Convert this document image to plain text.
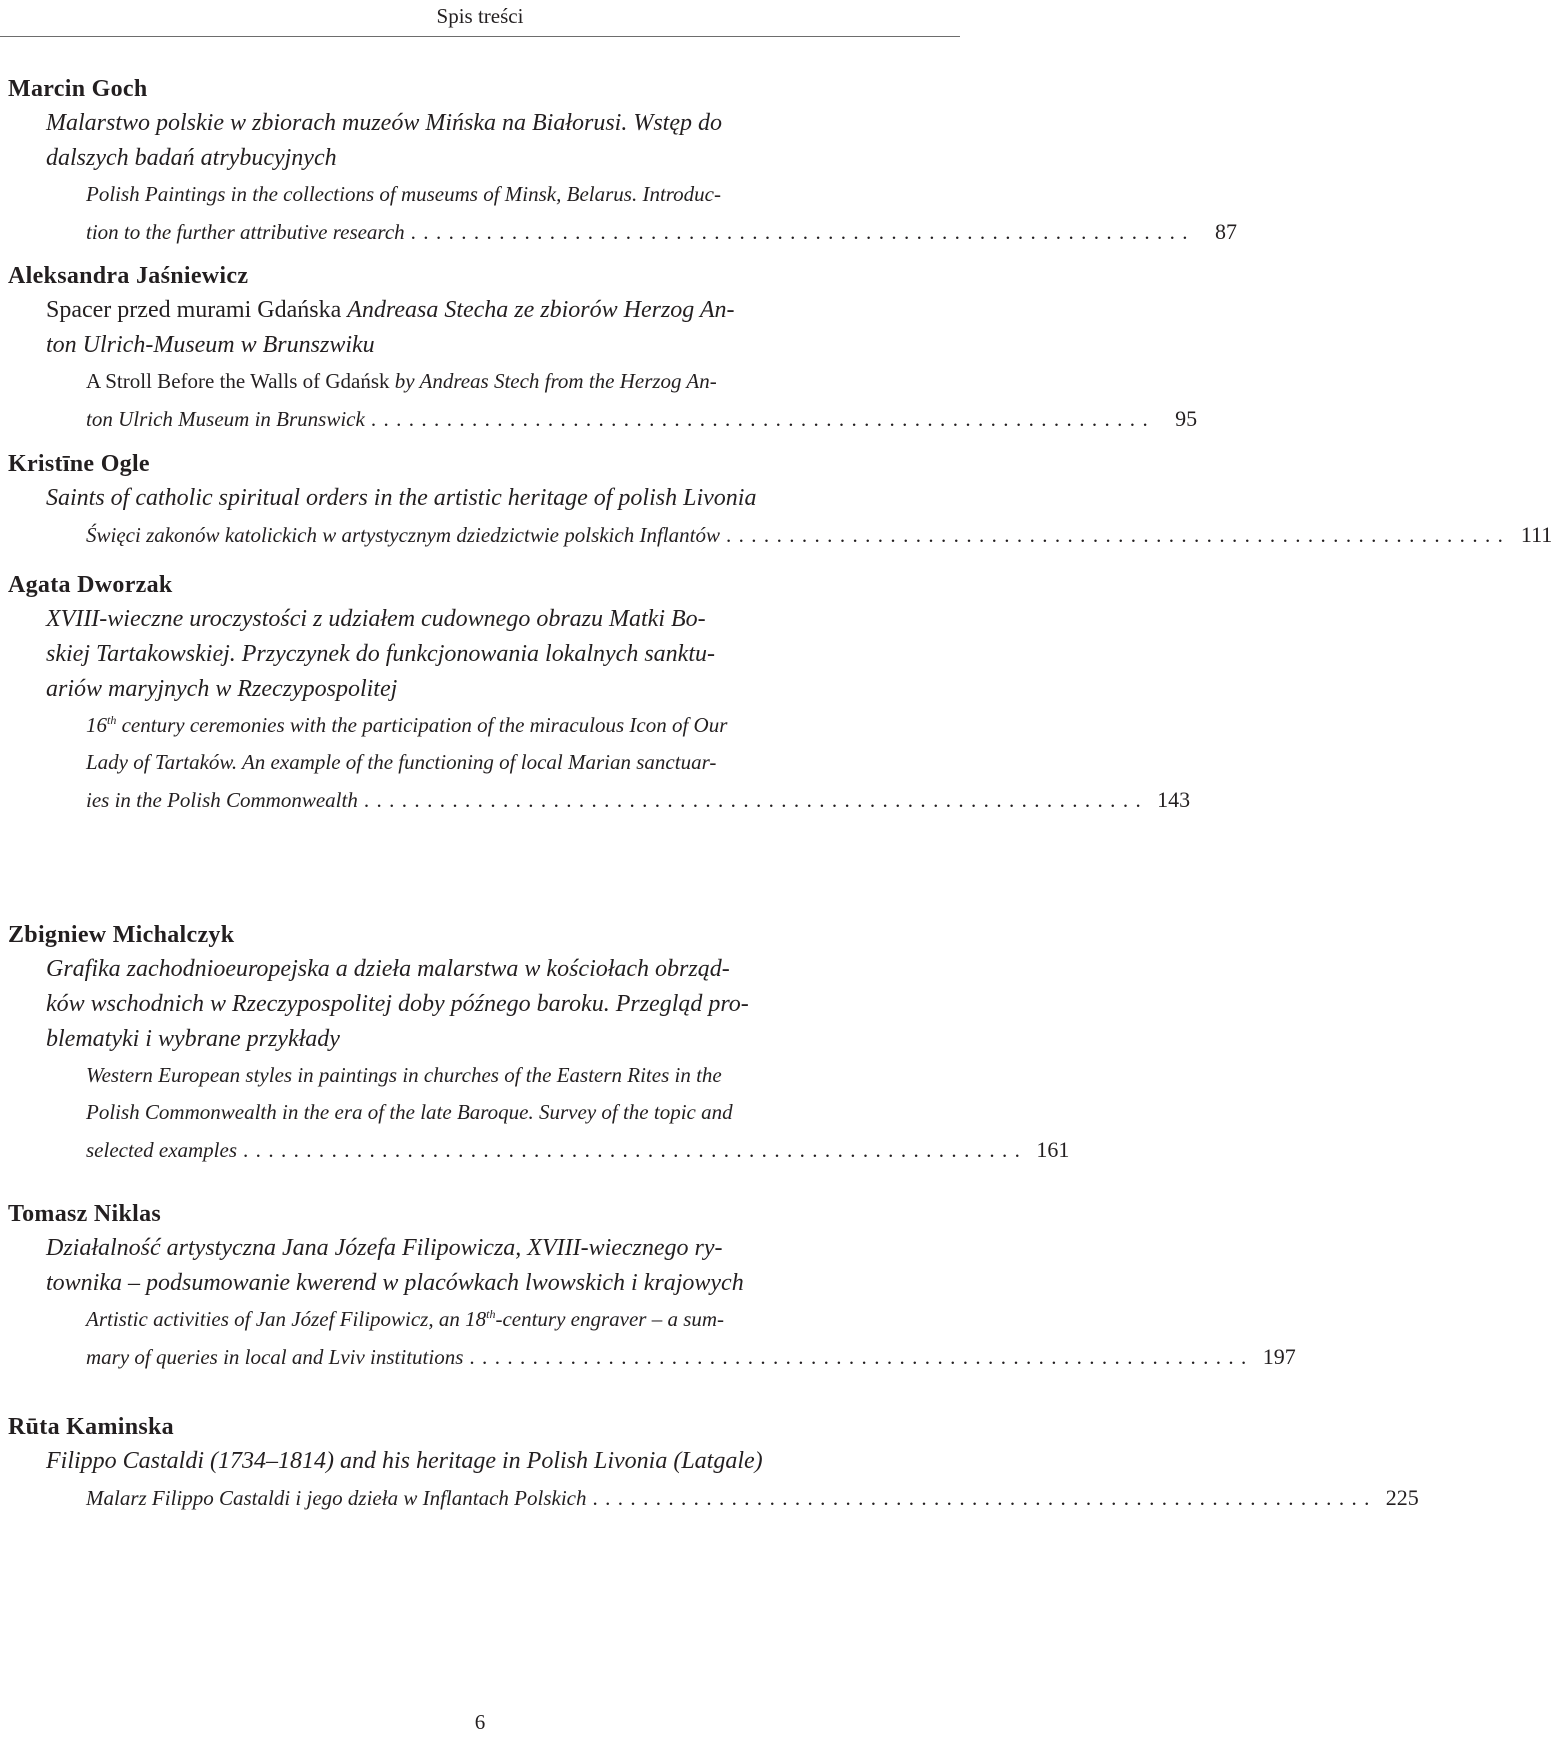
Spis treści
Marcin Goch
Malarstwo polskie w zbiorach muzeów Mińska na Białorusi. Wstęp do
dalszych badań atrybucyjnych
Polish Paintings in the collections of museums of Minsk, Belarus. Introduc-
tion to the further attributive research .............................................................. 87
Aleksandra Jaśniewicz
Spacer przed murami Gdańska Andreasa Stecha ze zbiorów Herzog An-
ton Ulrich-Museum w Brunszwiku
A Stroll Before the Walls of Gdańsk by Andreas Stech from the Herzog An-
ton Ulrich Museum in Brunswick .............................................................. 95
Kristīne Ogle
Saints of catholic spiritual orders in the artistic heritage of polish Livonia
Święci zakonów katolickich w artystycznym dziedzictwie polskich Inflantów .............................................................. 111
Agata Dworzak
XVIII-wieczne uroczystości z udziałem cudownego obrazu Matki Bo-
skiej Tartakowskiej. Przyczynek do funkcjonowania lokalnych sanktu-
ariów maryjnych w Rzeczypospolitej
16th century ceremonies with the participation of the miraculous Icon of Our
Lady of Tartaków. An example of the functioning of local Marian sanctuar-
ies in the Polish Commonwealth .............................................................. 143
Zbigniew Michalczyk
Grafika zachodnioeuropejska a dzieła malarstwa w kościołach obrząd-
ków wschodnich w Rzeczypospolitej doby późnego baroku. Przegląd pro-
blematyki i wybrane przykłady
Western European styles in paintings in churches of the Eastern Rites in the
Polish Commonwealth in the era of the late Baroque. Survey of the topic and
selected examples .............................................................. 161
Tomasz Niklas
Działalność artystyczna Jana Józefa Filipowicza, XVIII-wiecznego ry-
townika – podsumowanie kwerend w placówkach lwowskich i krajowych
Artistic activities of Jan Józef Filipowicz, an 18th-century engraver – a sum-
mary of queries in local and Lviv institutions .............................................................. 197
Rūta Kaminska
Filippo Castaldi (1734–1814) and his heritage in Polish Livonia (Latgale)
Malarz Filippo Castaldi i jego dzieła w Inflantach Polskich .............................................................. 225
6
